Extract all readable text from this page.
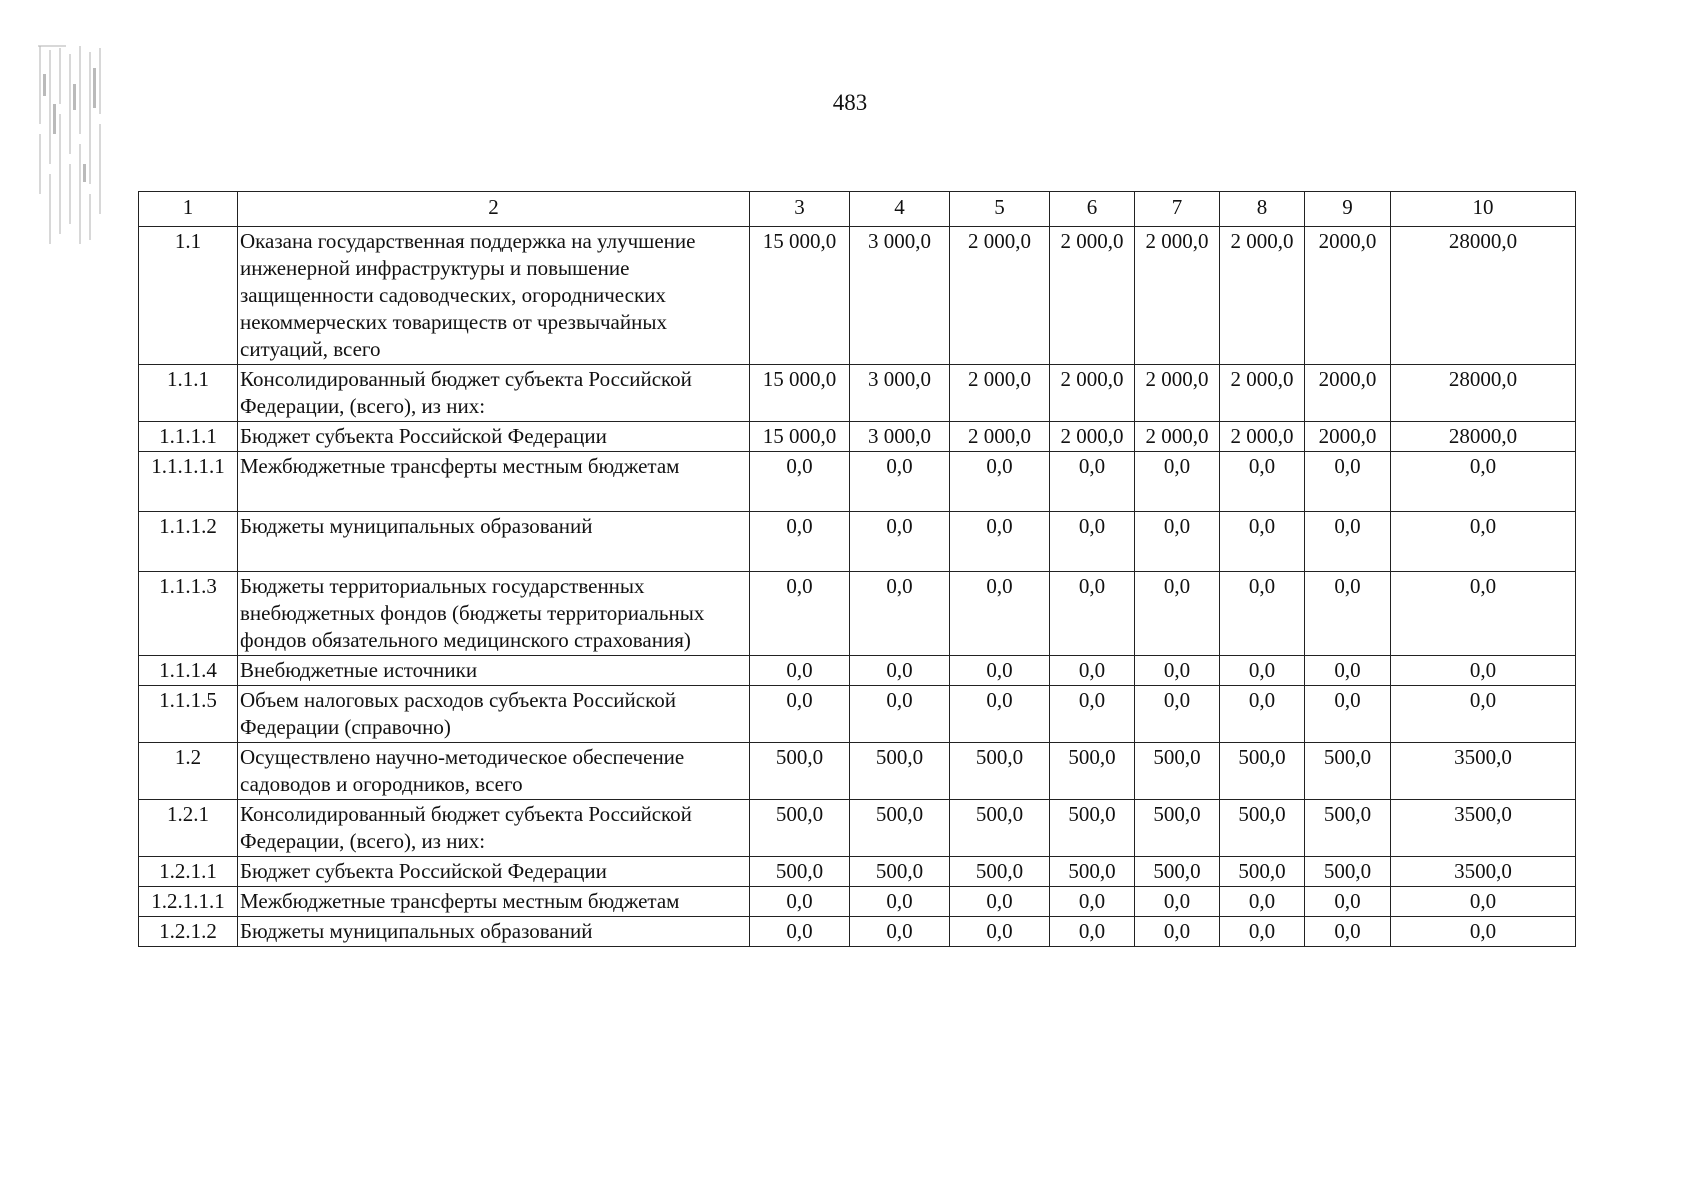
483
1	2	3	4	5	6	7	8	9	10
1.1	Оказана государственная поддержка на улучшение инженерной инфраструктуры и повышение защищенности садоводческих, огороднических некоммерческих товариществ от чрезвычайных ситуаций, всего	15 000,0	3 000,0	2 000,0	2 000,0	2 000,0	2 000,0	2000,0	28000,0
1.1.1	Консолидированный бюджет субъекта Российской Федерации, (всего), из них:	15 000,0	3 000,0	2 000,0	2 000,0	2 000,0	2 000,0	2000,0	28000,0
1.1.1.1	Бюджет субъекта Российской Федерации	15 000,0	3 000,0	2 000,0	2 000,0	2 000,0	2 000,0	2000,0	28000,0
1.1.1.1.1	Межбюджетные трансферты местным бюджетам	0,0	0,0	0,0	0,0	0,0	0,0	0,0	0,0
1.1.1.2	Бюджеты муниципальных образований	0,0	0,0	0,0	0,0	0,0	0,0	0,0	0,0
1.1.1.3	Бюджеты территориальных государственных внебюджетных фондов (бюджеты территориальных фондов обязательного медицинского страхования)	0,0	0,0	0,0	0,0	0,0	0,0	0,0	0,0
1.1.1.4	Внебюджетные источники	0,0	0,0	0,0	0,0	0,0	0,0	0,0	0,0
1.1.1.5	Объем налоговых расходов субъекта Российской Федерации (справочно)	0,0	0,0	0,0	0,0	0,0	0,0	0,0	0,0
1.2	Осуществлено научно-методическое обеспечение садоводов и огородников, всего	500,0	500,0	500,0	500,0	500,0	500,0	500,0	3500,0
1.2.1	Консолидированный бюджет субъекта Российской Федерации, (всего), из них:	500,0	500,0	500,0	500,0	500,0	500,0	500,0	3500,0
1.2.1.1	Бюджет субъекта Российской Федерации	500,0	500,0	500,0	500,0	500,0	500,0	500,0	3500,0
1.2.1.1.1	Межбюджетные трансферты местным бюджетам	0,0	0,0	0,0	0,0	0,0	0,0	0,0	0,0
1.2.1.2	Бюджеты муниципальных образований	0,0	0,0	0,0	0,0	0,0	0,0	0,0	0,0
